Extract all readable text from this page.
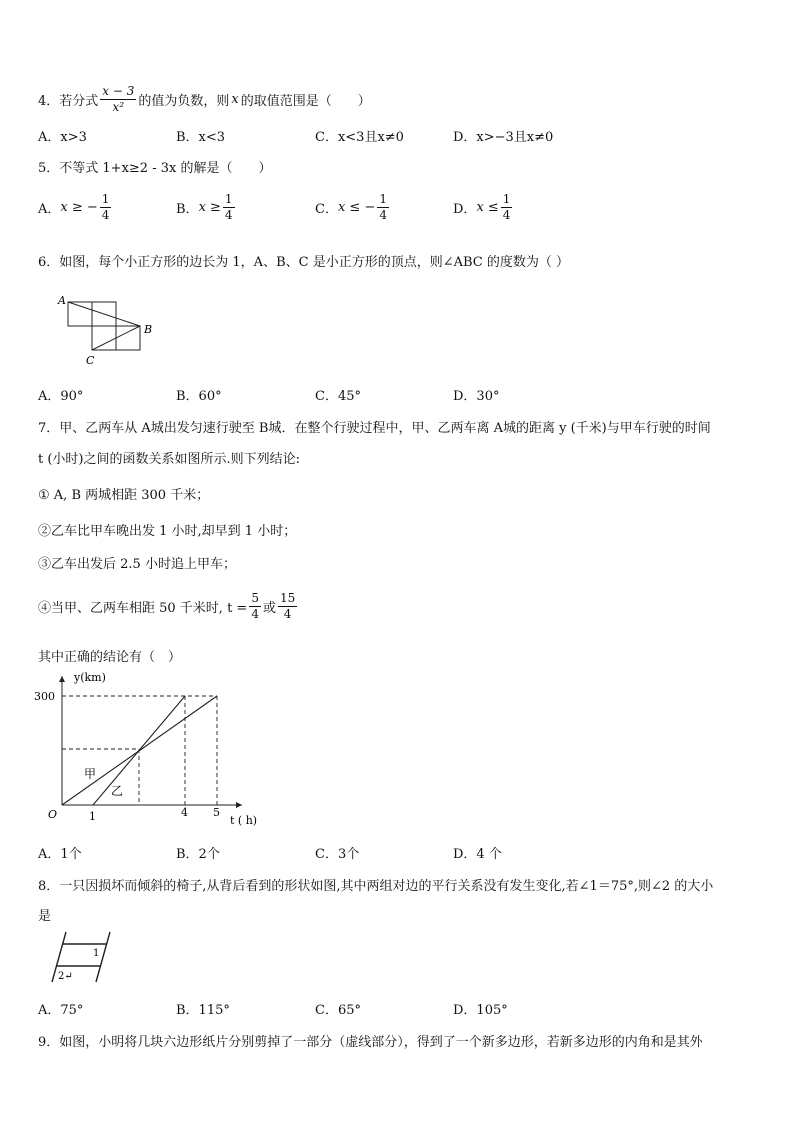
4．若分式 $\frac{x - 3}{\text{x²}}$ 的值为负数，则 x 的取值范围是（　　）
A．x>3	B．x<3	C．x<3且x≠0	D．x>−3且x≠0
5．不等式 1+x≥2 - 3x 的解是（　　）
A． x ≥ − $\frac{1}{4}$	B． $x \ge \frac{1}{4}$	C． x ≤ − $\frac{1}{4}$	D． $x \le \frac{1}{4}$
6．如图，每个小正方形的边长为 1，A、B、C 是小正方形的顶点，则∠ABC 的度数为（ ）
A
B
C
A．90°	B．60°	C．45°	D．30°
7．甲、乙两车从 A城出发匀速行驶至 B城．在整个行驶过程中，甲、乙两车离 A城的距离 y (千米)与甲车行驶的时间
t (小时)之间的函数关系如图所示.则下列结论:
① A, B 两城相距 300 千米；
②乙车比甲车晚出发 1 小时,却早到 1 小时；
③乙车出发后 2.5 小时追上甲车；
④当甲、乙两车相距 50 千米时, $t = \frac{5}{4}$ 或 $\frac{15}{4}$
其中正确的结论有（　）
y(km)
300
O	1	4 5
t ( h)
甲
乙
A．1个	B．2个	C．3个	D．4 个
8．一只因损坏而倾斜的椅子,从背后看到的形状如图,其中两组对边的平行关系没有发生变化,若∠1＝75°,则∠2 的大小
是
1
2↵
A．75°	B．115°	C．65°	D．105°
9．如图，小明将几块六边形纸片分别剪掉了一部分（虚线部分），得到了一个新多边形，若新多边形的内角和是其外
